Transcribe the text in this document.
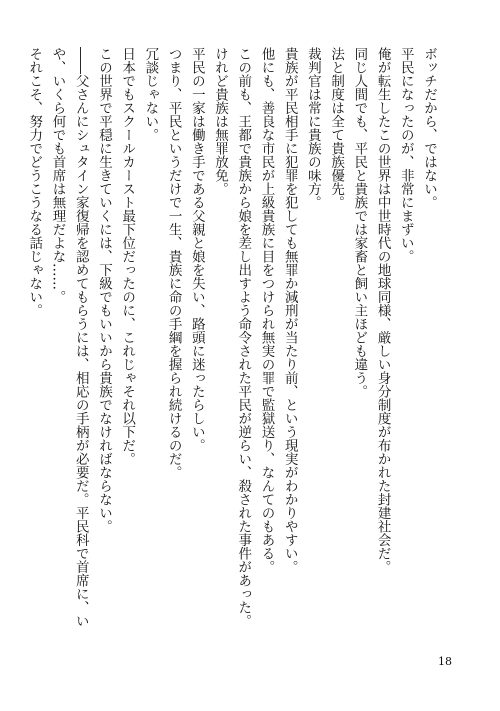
ボッチだから、ではない。
平民になったのが、非常にまずい。
俺が転生したこの世界は中世時代の地球同様、厳しい身分制度が布かれた封建社会だ。
同じ人間でも、平民と貴族では家畜と飼い主ほども違う。
法と制度は全て貴族優先。
裁判官は常に貴族の味方。
貴族が平民相手に犯罪を犯しても無罪か減刑が当たり前、という現実がわかりやすい。
他にも、善良な市民が上級貴族に目をつけられ無実の罪で監獄送り、なんてのもある。
この前も、王都で貴族から娘を差し出すよう命令された平民が逆らい、殺された事件があった。
けれど貴族は無罪放免。
平民の一家は働き手である父親と娘を失い、路頭に迷ったらしい。
つまり、平民というだけで一生、貴族に命の手綱を握られ続けるのだ。
冗談じゃない。
日本でもスクールカースト最下位だったのに、これじゃそれ以下だ。
この世界で平穏に生きていくには、下級でもいいから貴族でなければならない。
――父さんにシュタイン家復帰を認めてもらうには、相応の手柄が必要だ。平民科で首席に、い
や、いくら何でも首席は無理だよな……。
それこそ、努力でどうこうなる話じゃない。
18
